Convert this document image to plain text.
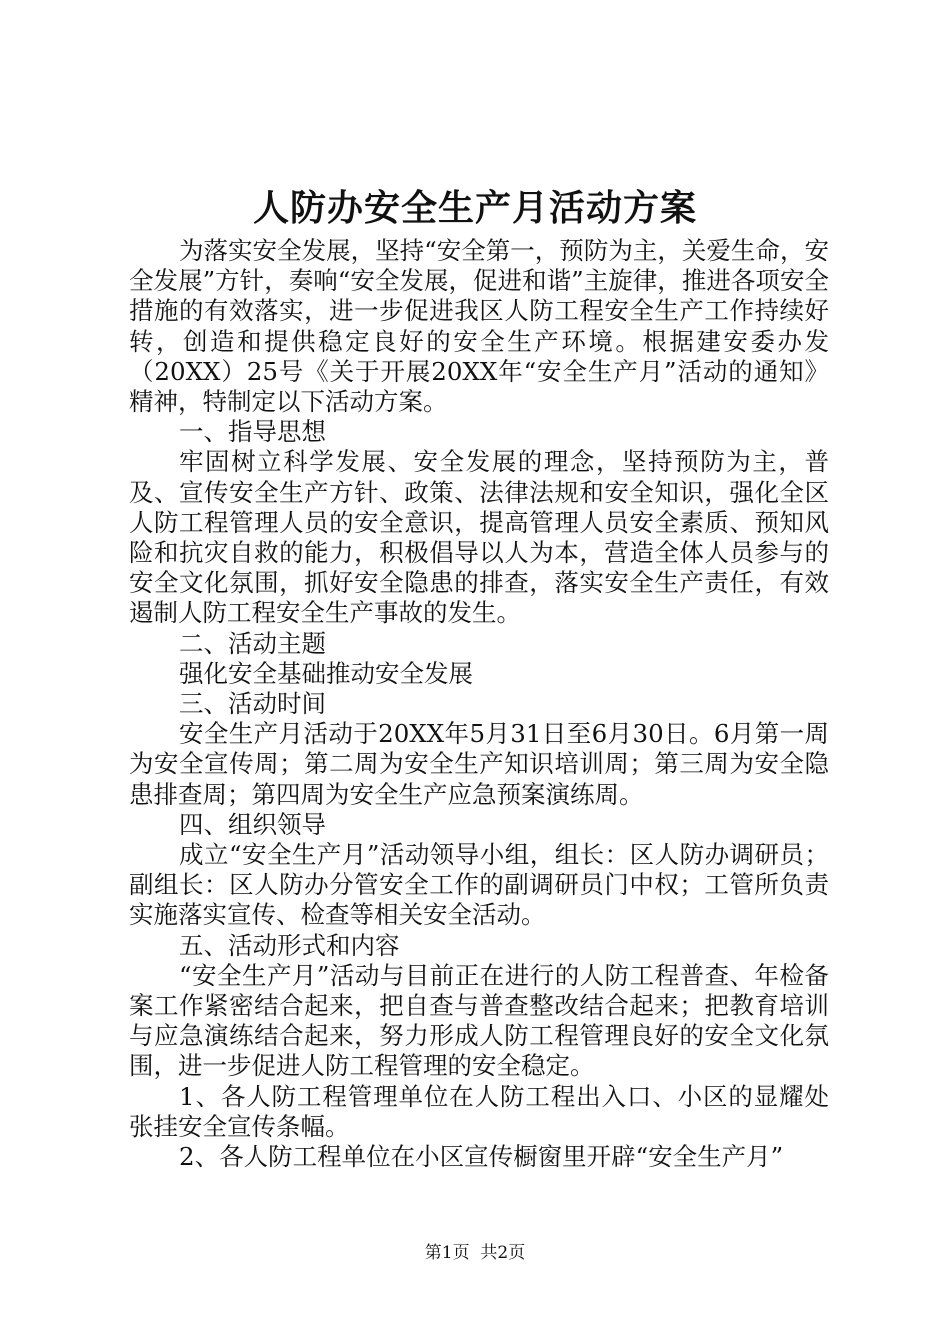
人防办安全生产月活动方案

为落实安全发展，坚持“安全第一，预防为主，关爱生命，安全发展”方针，奏响“安全发展，促进和谐”主旋律，推进各项安全措施的有效落实，进一步促进我区人防工程安全生产工作持续好转，创造和提供稳定良好的安全生产环境。根据建安委办发（20XX）25号《关于开展20XX年“安全生产月”活动的通知》精神，特制定以下活动方案。

一、指导思想

牢固树立科学发展、安全发展的理念，坚持预防为主，普及、宣传安全生产方针、政策、法律法规和安全知识，强化全区人防工程管理人员的安全意识，提高管理人员安全素质、预知风险和抗灾自救的能力，积极倡导以人为本，营造全体人员参与的安全文化氛围，抓好安全隐患的排查，落实安全生产责任，有效遏制人防工程安全生产事故的发生。

二、活动主题

强化安全基础推动安全发展

三、活动时间

安全生产月活动于20XX年5月31日至6月30日。6月第一周为安全宣传周；第二周为安全生产知识培训周；第三周为安全隐患排查周；第四周为安全生产应急预案演练周。

四、组织领导

成立“安全生产月”活动领导小组，组长：区人防办调研员；副组长：区人防办分管安全工作的副调研员门中权；工管所负责实施落实宣传、检查等相关安全活动。

五、活动形式和内容

“安全生产月”活动与目前正在进行的人防工程普查、年检备案工作紧密结合起来，把自查与普查整改结合起来；把教育培训与应急演练结合起来，努力形成人防工程管理良好的安全文化氛围，进一步促进人防工程管理的安全稳定。

1、各人防工程管理单位在人防工程出入口、小区的显耀处张挂安全宣传条幅。

2、各人防工程单位在小区宣传橱窗里开辟“安全生产月”

第1页  共2页
